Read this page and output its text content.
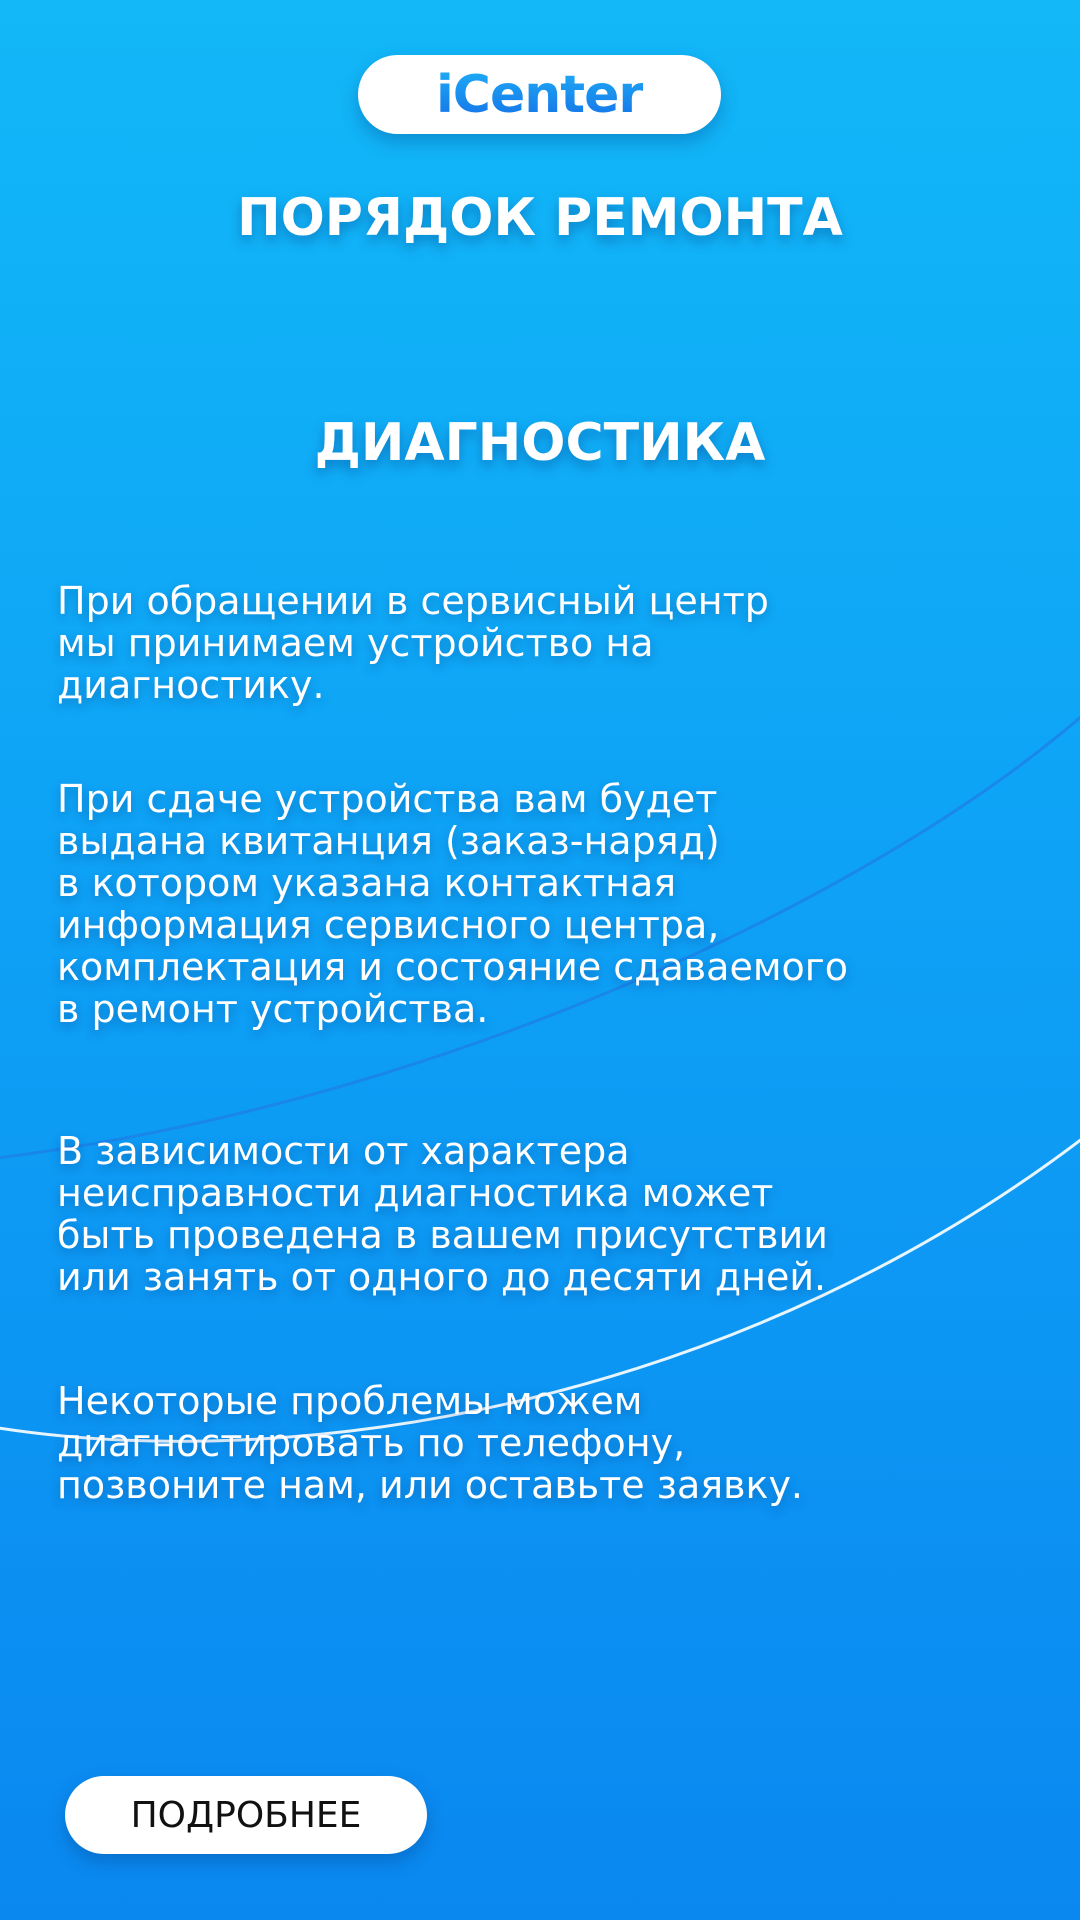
iCenter
ПОРЯДОК РЕМОНТА
ДИАГНОСТИКА

При обращении в сервисный центр
мы принимаем устройство на
диагностику.

При сдаче устройства вам будет
выдана квитанция (заказ-наряд)
в котором указана контактная
информация сервисного центра,
комплектация и состояние сдаваемого
в ремонт устройства.

В зависимости от характера
неисправности диагностика может
быть проведена в вашем присутствии
или занять от одного до десяти дней.

Некоторые проблемы можем
диагностировать по телефону,
позвоните нам, или оставьте заявку.

ПОДРОБНЕЕ
